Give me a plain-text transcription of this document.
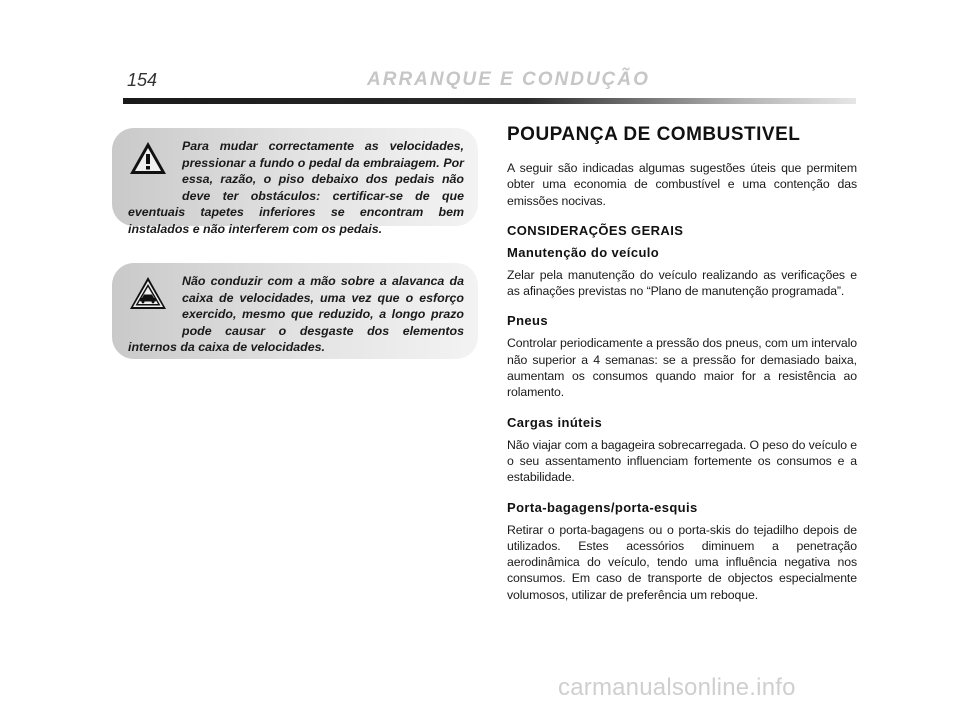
154	ARRANQUE E CONDUÇÃO

Para mudar correctamente as velocidades, pressionar a fundo o pedal da embraiagem. Por essa, razão, o piso debaixo dos pedais não deve ter obstáculos: certificar-se de que eventuais tapetes inferiores se encontram bem instalados e não interferem com os pedais.

Não conduzir com a mão sobre a alavanca da caixa de velocidades, uma vez que o esforço exercido, mesmo que reduzido, a longo prazo pode causar o desgaste dos elementos internos da caixa de velocidades.

POUPANÇA DE COMBUSTIVEL

A seguir são indicadas algumas sugestões úteis que permitem obter uma economia de combustível e uma contenção das emissões nocivas.

CONSIDERAÇÕES GERAIS
Manutenção do veículo

Zelar pela manutenção do veículo realizando as verificações e as afinações previstas no “Plano de manutenção programada”.

Pneus

Controlar periodicamente a pressão dos pneus, com um intervalo não superior a 4 semanas: se a pressão for demasiado baixa, aumentam os consumos quando maior for a resistência ao rolamento.

Cargas inúteis

Não viajar com a bagageira sobrecarregada. O peso do veículo e o seu assentamento influenciam fortemente os consumos e a estabilidade.

Porta-bagagens/porta-esquis

Retirar o porta-bagagens ou o porta-skis do tejadilho depois de utilizados. Estes acessórios diminuem a penetração aerodinâmica do veículo, tendo uma influência negativa nos consumos. Em caso de transporte de objectos especialmente volumosos, utilizar de preferência um reboque.

carmanualsonline.info
